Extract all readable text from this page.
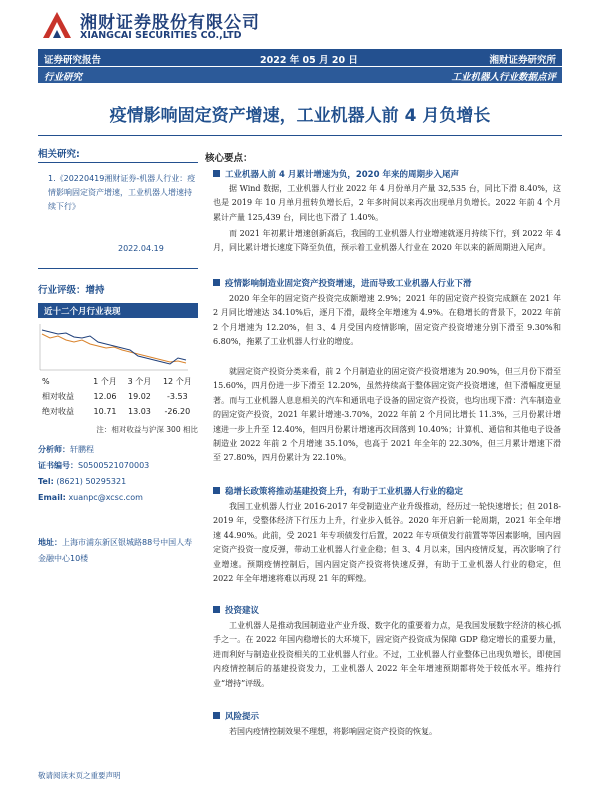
湘财证券股份有限公司
XIANGCAI SECURITIES CO.,LTD
证券研究报告	2022 年 05 月 20 日	湘财证券研究所
行业研究	工业机器人行业数据点评
疫情影响固定资产增速，工业机器人前 4 月负增长
相关研究:
1.《20220419湘财证券-机器人行业：疫情影响固定资产增速，工业机器人增速持续下行》
2022.04.19
行业评级：增持
近十二个月行业表现
%	1 个月	3 个月	12 个月
相对收益	12.06	19.02	-3.53
绝对收益	10.71	13.03	-26.20
注：相对收益与沪深 300 相比
分析师：轩鹏程
证书编号：S0500521070003
Tel: (8621) 50295321
Email: xuanpc@xcsc.com
地址：上海市浦东新区银城路88号中国人寿金融中心10楼
核心要点：
工业机器人前 4 月累计增速为负，2020 年来的周期步入尾声
据 Wind 数据，工业机器人行业 2022 年 4 月份单月产量 32,535 台，同比下滑 8.40%，这也是 2019 年 10 月单月扭转负增长后，2 年多时间以来再次出现单月负增长。2022 年前 4 个月累计产量 125,439 台，同比也下滑了 1.40%。
而 2021 年初累计增速创新高后，我国的工业机器人行业增速就逐月持续下行，到 2022 年 4 月，同比累计增长速度下降至负值，预示着工业机器人行业在 2020 年以来的新周期进入尾声。
疫情影响制造业固定资产投资增速，进而导致工业机器人行业下滑
2020 年全年的固定资产投资完成额增速 2.9%；2021 年的固定资产投资完成额在 2021 年 2 月同比增速达 34.10%后，逐月下滑，最终全年增速为 4.9%。在稳增长的背景下，2022 年前 2 个月增速为 12.20%，但 3、4 月受国内疫情影响，固定资产投资增速分别下滑至 9.30%和 6.80%，拖累了工业机器人行业的增度。
就固定资产投资分类来看，前 2 个月制造业的固定资产投资增速为 20.90%，但三月份下滑至 15.60%，四月份进一步下滑至 12.20%，虽然持续高于整体固定资产投资增速，但下滑幅度更显著。而与工业机器人息息相关的汽车和通讯电子设备的固定资产投资，也均出现下滑：汽车制造业的固定资产投资，2021 年累计增速-3.70%，2022 年前 2 个月同比增长 11.3%，三月份累计增速进一步上升至 12.40%，但四月份累计增速再次回落到 10.40%；计算机、通信和其他电子设备制造业 2022 年前 2 个月增速 35.10%，也高于 2021 年全年的 22.30%，但三月累计增速下滑至 27.80%，四月份累计为 22.10%。
稳增长政策将推动基建投资上升，有助于工业机器人行业的稳定
我国工业机器人行业 2016-2017 年受制造业产业升级推动，经历过一轮快速增长；但 2018-2019 年，受整体经济下行压力上升，行业步入低谷。2020 年开启新一轮周期，2021 年全年增速 44.90%。此前，受 2021 年专项债发行后置，2022 年专项债发行前置等等因素影响，国内固定资产投资一度反弹，带动工业机器人行业企稳；但 3、4 月以来，国内疫情反复，再次影响了行业增速。预期疫情控制后，国内固定资产投资将快速反弹，有助于工业机器人行业的稳定，但 2022 年全年增速将难以再现 21 年的辉煌。
投资建议
工业机器人是推动我国制造业产业升级、数字化的重要着力点，是我国发展数字经济的核心抓手之一。在 2022 年国内稳增长的大环境下，固定资产投资成为保障 GDP 稳定增长的重要力量，进而利好与制造业投资相关的工业机器人行业。不过，工业机器人行业整体已出现负增长，即使国内疫情控制后的基建投资发力，工业机器人 2022 年全年增速预期都将处于较低水平。维持行业“增持”评级。
风险提示
若国内疫情控制效果不理想，将影响固定资产投资的恢复。
敬请阅读末页之重要声明
